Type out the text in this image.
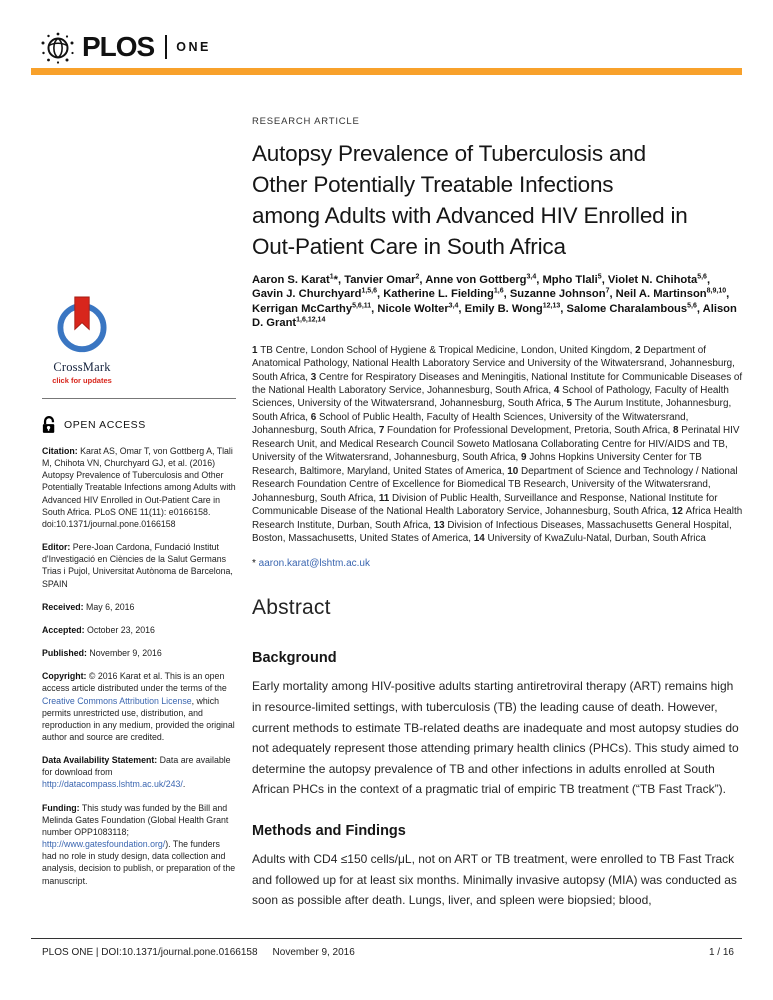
PLOS ONE
CrossMark
click for updates
OPEN ACCESS

Citation: Karat AS, Omar T, von Gottberg A, Tlali M, Chihota VN, Churchyard GJ, et al. (2016) Autopsy Prevalence of Tuberculosis and Other Potentially Treatable Infections among Adults with Advanced HIV Enrolled in Out-Patient Care in South Africa. PLoS ONE 11(11): e0166158. doi:10.1371/journal.pone.0166158

Editor: Pere-Joan Cardona, Fundació Institut d'Investigació en Ciències de la Salut Germans Trias i Pujol, Universitat Autònoma de Barcelona, SPAIN

Received: May 6, 2016

Accepted: October 23, 2016

Published: November 9, 2016

Copyright: © 2016 Karat et al. This is an open access article distributed under the terms of the Creative Commons Attribution License, which permits unrestricted use, distribution, and reproduction in any medium, provided the original author and source are credited.

Data Availability Statement: Data are available for download from http://datacompass.lshtm.ac.uk/243/.

Funding: This study was funded by the Bill and Melinda Gates Foundation (Global Health Grant number OPP1083118; http://www.gatesfoundation.org/). The funders had no role in study design, data collection and analysis, decision to publish, or preparation of the manuscript.

RESEARCH ARTICLE
Autopsy Prevalence of Tuberculosis and
Other Potentially Treatable Infections
among Adults with Advanced HIV Enrolled in
Out-Patient Care in South Africa

Aaron S. Karat$^1$*, Tanvier Omar$^2$, Anne von Gottberg$^{3,4}$, Mpho Tlali$^5$, Violet N. Chihota$^{5,6}$, Gavin J. Churchyard$^{1,5,6}$, Katherine L. Fielding$^{1,6}$, Suzanne Johnson$^7$, Neil A. Martinson$^{8,9,10}$, Kerrigan McCarthy$^{5,6,11}$, Nicole Wolter$^{3,4}$, Emily B. Wong$^{12,13}$, Salome Charalambous$^{5,6}$, Alison D. Grant$^{1,6,12,14}$

1 TB Centre, London School of Hygiene & Tropical Medicine, London, United Kingdom, 2 Department of Anatomical Pathology, National Health Laboratory Service and University of the Witwatersrand, Johannesburg, South Africa, 3 Centre for Respiratory Diseases and Meningitis, National Institute for Communicable Diseases of the National Health Laboratory Service, Johannesburg, South Africa, 4 School of Pathology, Faculty of Health Sciences, University of the Witwatersrand, Johannesburg, South Africa, 5 The Aurum Institute, Johannesburg, South Africa, 6 School of Public Health, Faculty of Health Sciences, University of the Witwatersrand, Johannesburg, South Africa, 7 Foundation for Professional Development, Pretoria, South Africa, 8 Perinatal HIV Research Unit, and Medical Research Council Soweto Matlosana Collaborating Centre for HIV/AIDS and TB, University of the Witwatersrand, Johannesburg, South Africa, 9 Johns Hopkins University Center for TB Research, Baltimore, Maryland, United States of America, 10 Department of Science and Technology / National Research Foundation Centre of Excellence for Biomedical TB Research, University of the Witwatersrand, Johannesburg, South Africa, 11 Division of Public Health, Surveillance and Response, National Institute for Communicable Disease of the National Health Laboratory Service, Johannesburg, South Africa, 12 Africa Health Research Institute, Durban, South Africa, 13 Division of Infectious Diseases, Massachusetts General Hospital, Boston, Massachusetts, United States of America, 14 University of KwaZulu-Natal, Durban, South Africa

* aaron.karat@lshtm.ac.uk

Abstract
Background

Early mortality among HIV-positive adults starting antiretroviral therapy (ART) remains high in resource-limited settings, with tuberculosis (TB) the leading cause of death. However, current methods to estimate TB-related deaths are inadequate and most autopsy studies do not adequately represent those attending primary health clinics (PHCs). This study aimed to determine the autopsy prevalence of TB and other infections in adults enrolled at South African PHCs in the context of a pragmatic trial of empiric TB treatment (“TB Fast Track”).

Methods and Findings

Adults with CD4 ≤150 cells/μL, not on ART or TB treatment, were enrolled to TB Fast Track and followed up for at least six months. Minimally invasive autopsy (MIA) was conducted as soon as possible after death. Lungs, liver, and spleen were biopsied; blood,

PLOS ONE | DOI:10.1371/journal.pone.0166158 November 9, 2016	1 / 16
